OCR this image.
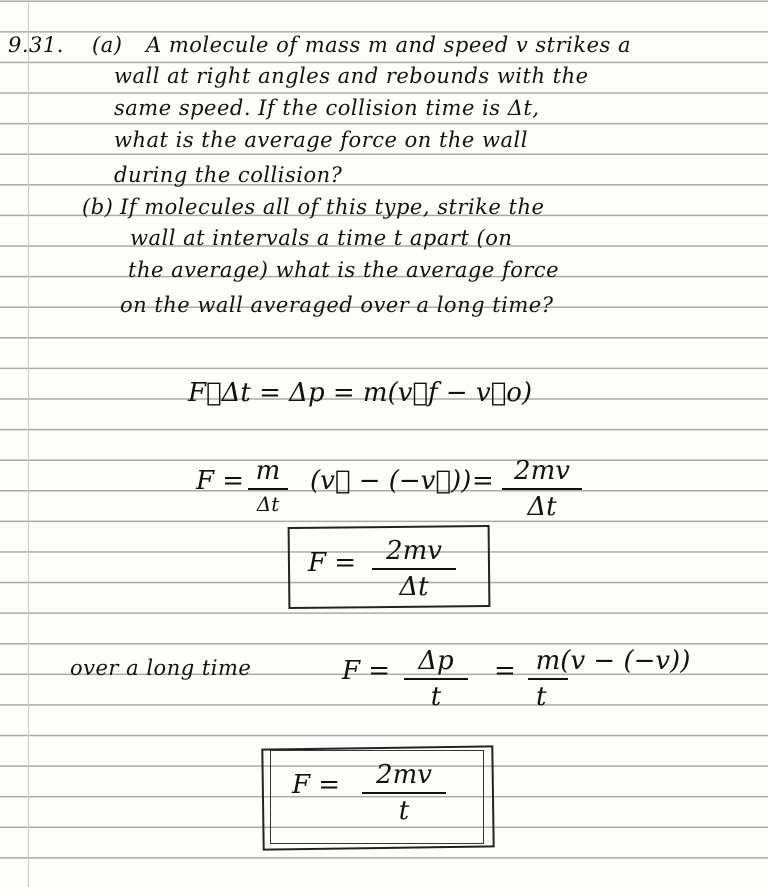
9.31. (a) A molecule of mass m and speed v strikes a
wall at right angles and rebounds with the
same speed. If the collision time is Δt,
what is the average force on the wall
during the collision?
(b) If molecules all of this type, strike the
wall at intervals a time t apart (on
the average) what is the average force
on the wall averaged over a long time?
F⃗Δt = Δp = m(v⃗f − v⃗o)
F = m
Δt
(v⃗ − (−v⃗)) = 2mv
Δt
F =	2mv
Δt
over a long time	F =	Δp
t
= m(v − (−v))
t
F =	2mv
t
